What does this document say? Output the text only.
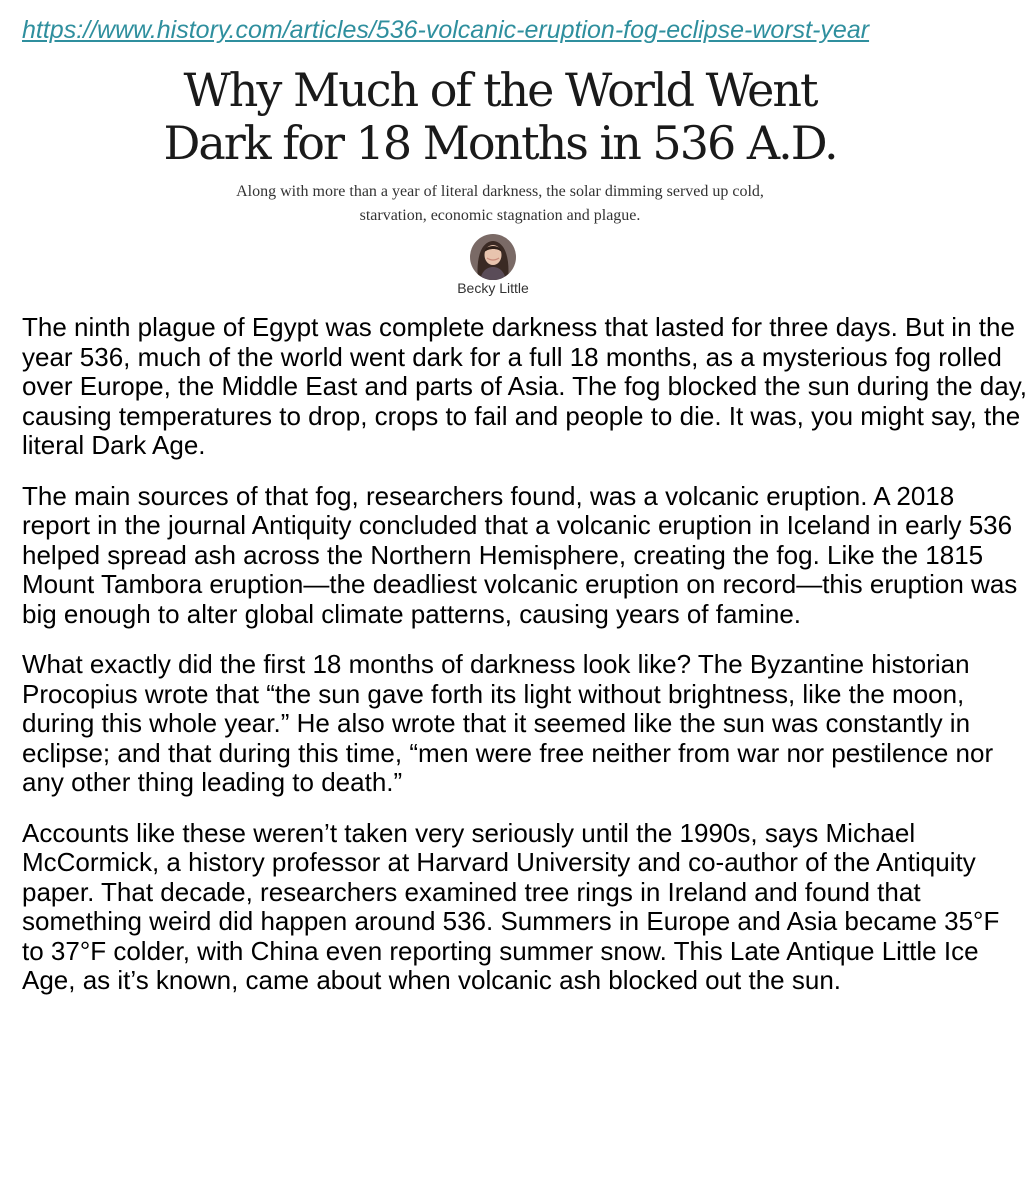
https://www.history.com/articles/536-volcanic-eruption-fog-eclipse-worst-year
Why Much of the World Went
Dark for 18 Months in 536 A.D.
Along with more than a year of literal darkness, the solar dimming served up cold,
starvation, economic stagnation and plague.
Becky Little

The ninth plague of Egypt was complete darkness that lasted for three days. But in the year 536, much of the world went dark for a full 18 months, as a mysterious fog rolled over Europe, the Middle East and parts of Asia. The fog blocked the sun during the day, causing temperatures to drop, crops to fail and people to die. It was, you might say, the literal Dark Age.

The main sources of that fog, researchers found, was a volcanic eruption. A 2018 report in the journal Antiquity concluded that a volcanic eruption in Iceland in early 536 helped spread ash across the Northern Hemisphere, creating the fog. Like the 1815 Mount Tambora eruption—the deadliest volcanic eruption on record—this eruption was big enough to alter global climate patterns, causing years of famine.

What exactly did the first 18 months of darkness look like? The Byzantine historian Procopius wrote that “the sun gave forth its light without brightness, like the moon, during this whole year.” He also wrote that it seemed like the sun was constantly in eclipse; and that during this time, “men were free neither from war nor pestilence nor any other thing leading to death.”

Accounts like these weren’t taken very seriously until the 1990s, says Michael McCormick, a history professor at Harvard University and co-author of the Antiquity paper. That decade, researchers examined tree rings in Ireland and found that something weird did happen around 536. Summers in Europe and Asia became 35°F to 37°F colder, with China even reporting summer snow. This Late Antique Little Ice Age, as it’s known, came about when volcanic ash blocked out the sun.
